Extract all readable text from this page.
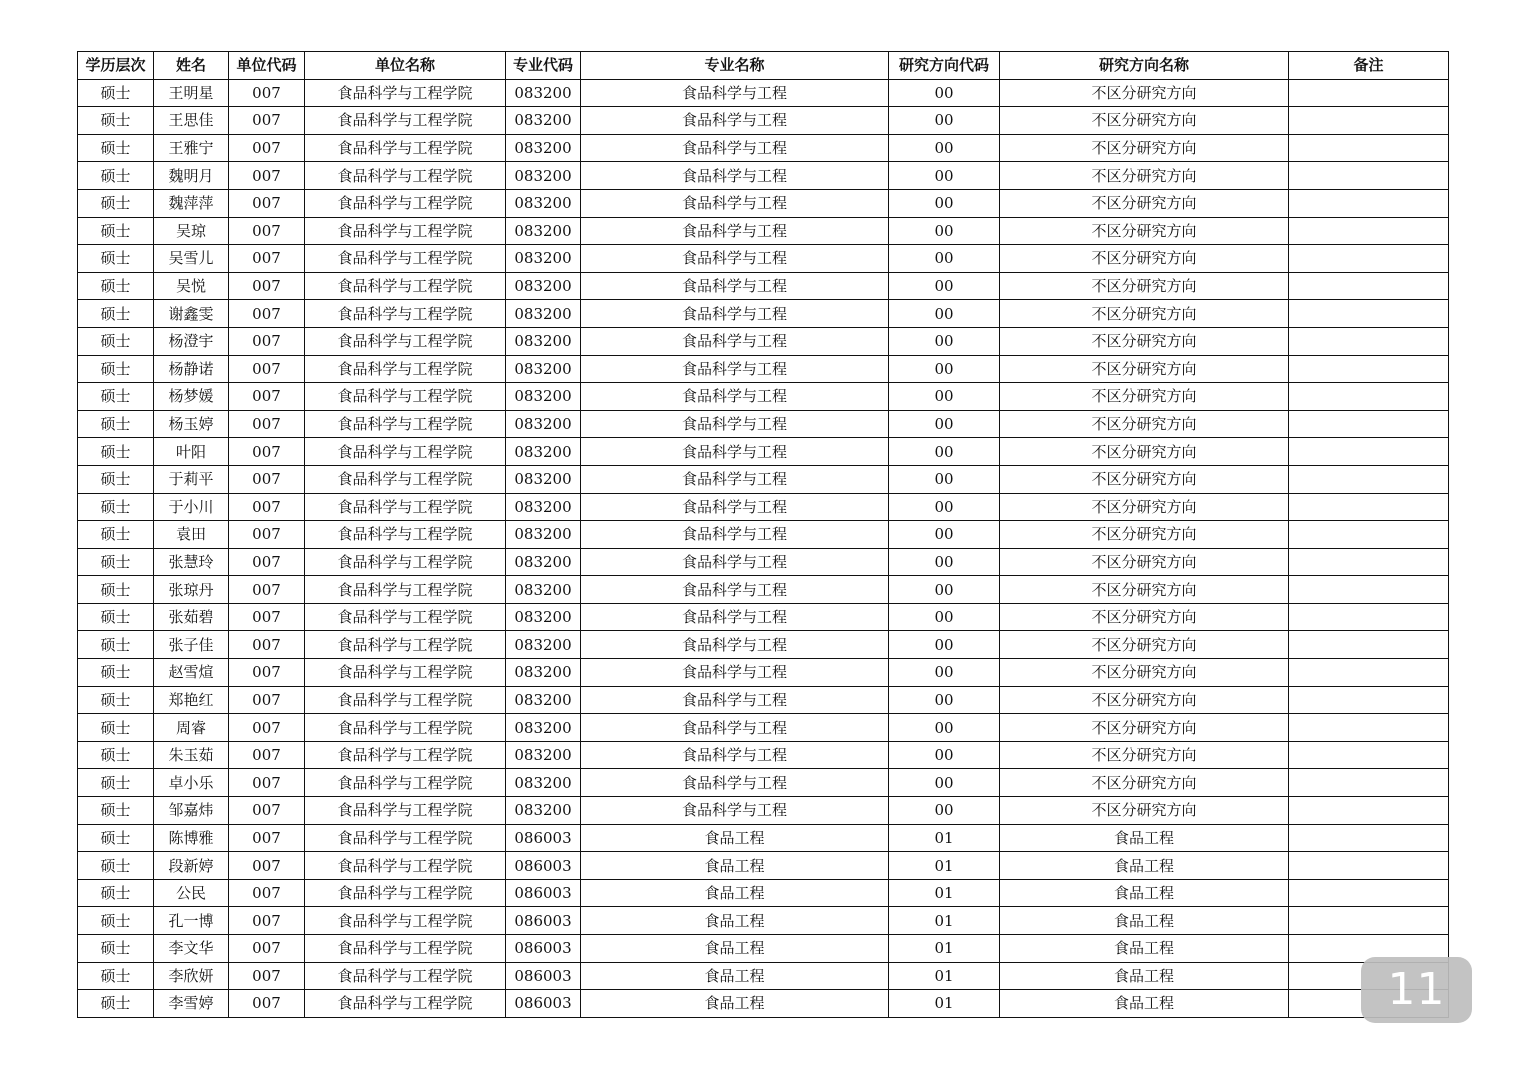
学历层次	姓名	单位代码	单位名称	专业代码	专业名称	研究方向代码	研究方向名称	备注
硕士	王明星	007	食品科学与工程学院	083200	食品科学与工程	00	不区分研究方向	
硕士	王思佳	007	食品科学与工程学院	083200	食品科学与工程	00	不区分研究方向	
硕士	王雅宁	007	食品科学与工程学院	083200	食品科学与工程	00	不区分研究方向	
硕士	魏明月	007	食品科学与工程学院	083200	食品科学与工程	00	不区分研究方向	
硕士	魏萍萍	007	食品科学与工程学院	083200	食品科学与工程	00	不区分研究方向	
硕士	吴琼	007	食品科学与工程学院	083200	食品科学与工程	00	不区分研究方向	
硕士	吴雪儿	007	食品科学与工程学院	083200	食品科学与工程	00	不区分研究方向	
硕士	吴悦	007	食品科学与工程学院	083200	食品科学与工程	00	不区分研究方向	
硕士	谢鑫雯	007	食品科学与工程学院	083200	食品科学与工程	00	不区分研究方向	
硕士	杨澄宇	007	食品科学与工程学院	083200	食品科学与工程	00	不区分研究方向	
硕士	杨静诺	007	食品科学与工程学院	083200	食品科学与工程	00	不区分研究方向	
硕士	杨梦媛	007	食品科学与工程学院	083200	食品科学与工程	00	不区分研究方向	
硕士	杨玉婷	007	食品科学与工程学院	083200	食品科学与工程	00	不区分研究方向	
硕士	叶阳	007	食品科学与工程学院	083200	食品科学与工程	00	不区分研究方向	
硕士	于莉平	007	食品科学与工程学院	083200	食品科学与工程	00	不区分研究方向	
硕士	于小川	007	食品科学与工程学院	083200	食品科学与工程	00	不区分研究方向	
硕士	袁田	007	食品科学与工程学院	083200	食品科学与工程	00	不区分研究方向	
硕士	张慧玲	007	食品科学与工程学院	083200	食品科学与工程	00	不区分研究方向	
硕士	张琼丹	007	食品科学与工程学院	083200	食品科学与工程	00	不区分研究方向	
硕士	张茹碧	007	食品科学与工程学院	083200	食品科学与工程	00	不区分研究方向	
硕士	张子佳	007	食品科学与工程学院	083200	食品科学与工程	00	不区分研究方向	
硕士	赵雪煊	007	食品科学与工程学院	083200	食品科学与工程	00	不区分研究方向	
硕士	郑艳红	007	食品科学与工程学院	083200	食品科学与工程	00	不区分研究方向	
硕士	周睿	007	食品科学与工程学院	083200	食品科学与工程	00	不区分研究方向	
硕士	朱玉茹	007	食品科学与工程学院	083200	食品科学与工程	00	不区分研究方向	
硕士	卓小乐	007	食品科学与工程学院	083200	食品科学与工程	00	不区分研究方向	
硕士	邹嘉炜	007	食品科学与工程学院	083200	食品科学与工程	00	不区分研究方向	
硕士	陈博雅	007	食品科学与工程学院	086003	食品工程	01	食品工程	
硕士	段新婷	007	食品科学与工程学院	086003	食品工程	01	食品工程	
硕士	公民	007	食品科学与工程学院	086003	食品工程	01	食品工程	
硕士	孔一博	007	食品科学与工程学院	086003	食品工程	01	食品工程	
硕士	李文华	007	食品科学与工程学院	086003	食品工程	01	食品工程	
硕士	李欣妍	007	食品科学与工程学院	086003	食品工程	01	食品工程	
硕士	李雪婷	007	食品科学与工程学院	086003	食品工程	01	食品工程		11
